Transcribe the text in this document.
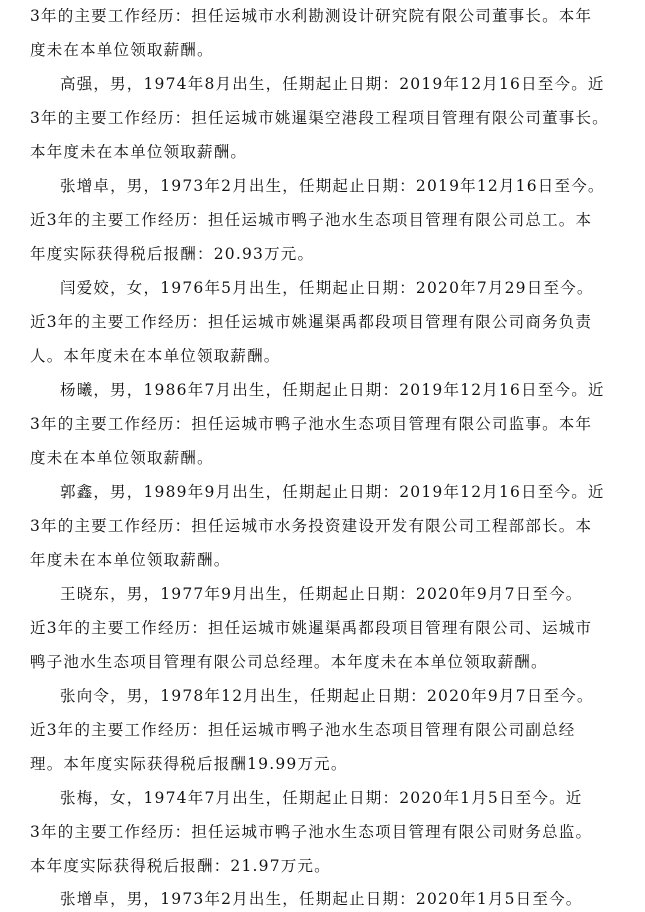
3年的主要工作经历：担任运城市水利勘测设计研究院有限公司董事长。本年
度未在本单位领取薪酬。
高强，男，1974年8月出生，任期起止日期：2019年12月16日至今。近
3年的主要工作经历：担任运城市姚暹渠空港段工程项目管理有限公司董事长。
本年度未在本单位领取薪酬。
张增卓，男，1973年2月出生，任期起止日期：2019年12月16日至今。
近3年的主要工作经历：担任运城市鸭子池水生态项目管理有限公司总工。本
年度实际获得税后报酬：20.93万元。
闫爱姣，女，1976年5月出生，任期起止日期：2020年7月29日至今。
近3年的主要工作经历：担任运城市姚暹渠禹都段项目管理有限公司商务负责
人。本年度未在本单位领取薪酬。
杨曦，男，1986年7月出生，任期起止日期：2019年12月16日至今。近
3年的主要工作经历：担任运城市鸭子池水生态项目管理有限公司监事。本年
度未在本单位领取薪酬。
郭鑫，男，1989年9月出生，任期起止日期：2019年12月16日至今。近
3年的主要工作经历：担任运城市水务投资建设开发有限公司工程部部长。本
年度未在本单位领取薪酬。
王晓东，男，1977年9月出生，任期起止日期：2020年9月7日至今。
近3年的主要工作经历：担任运城市姚暹渠禹都段项目管理有限公司、运城市
鸭子池水生态项目管理有限公司总经理。本年度未在本单位领取薪酬。
张向令，男，1978年12月出生，任期起止日期：2020年9月7日至今。
近3年的主要工作经历：担任运城市鸭子池水生态项目管理有限公司副总经
理。本年度实际获得税后报酬19.99万元。
张梅，女，1974年7月出生，任期起止日期：2020年1月5日至今。近
3年的主要工作经历：担任运城市鸭子池水生态项目管理有限公司财务总监。
本年度实际获得税后报酬：21.97万元。
张增卓，男，1973年2月出生，任期起止日期：2020年1月5日至今。
